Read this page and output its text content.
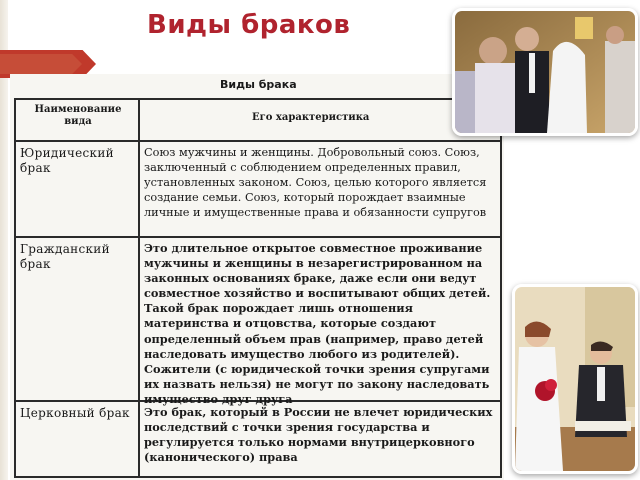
Виды браков
Виды брака
Наименование вида	Его характеристика
Юридический брак
Союз мужчины и женщины. Добровольный союз. Союз, заключенный с соблюдением определенных правил, установленных законом. Союз, целью которого является создание семьи. Союз, который порождает взаимные личные и имущественные права и обязанности супругов
Гражданский брак
Это длительное открытое совместное проживание мужчины и женщины в незарегистрированном на законных основаниях браке, даже если они ведут совместное хозяйство и воспитывают общих детей. Такой брак порождает лишь отношения материнства и отцовства, которые создают определенный объем прав (например, право детей наследовать имущество любого из родителей). Сожители (с юридической точки зрения супругами их назвать нельзя) не могут по закону наследовать имущество друг друга
Церковный брак	Это брак, который в России не влечет юридических последствий с точки зрения государства и регулируется только нормами внутрицерковного (канонического) права
